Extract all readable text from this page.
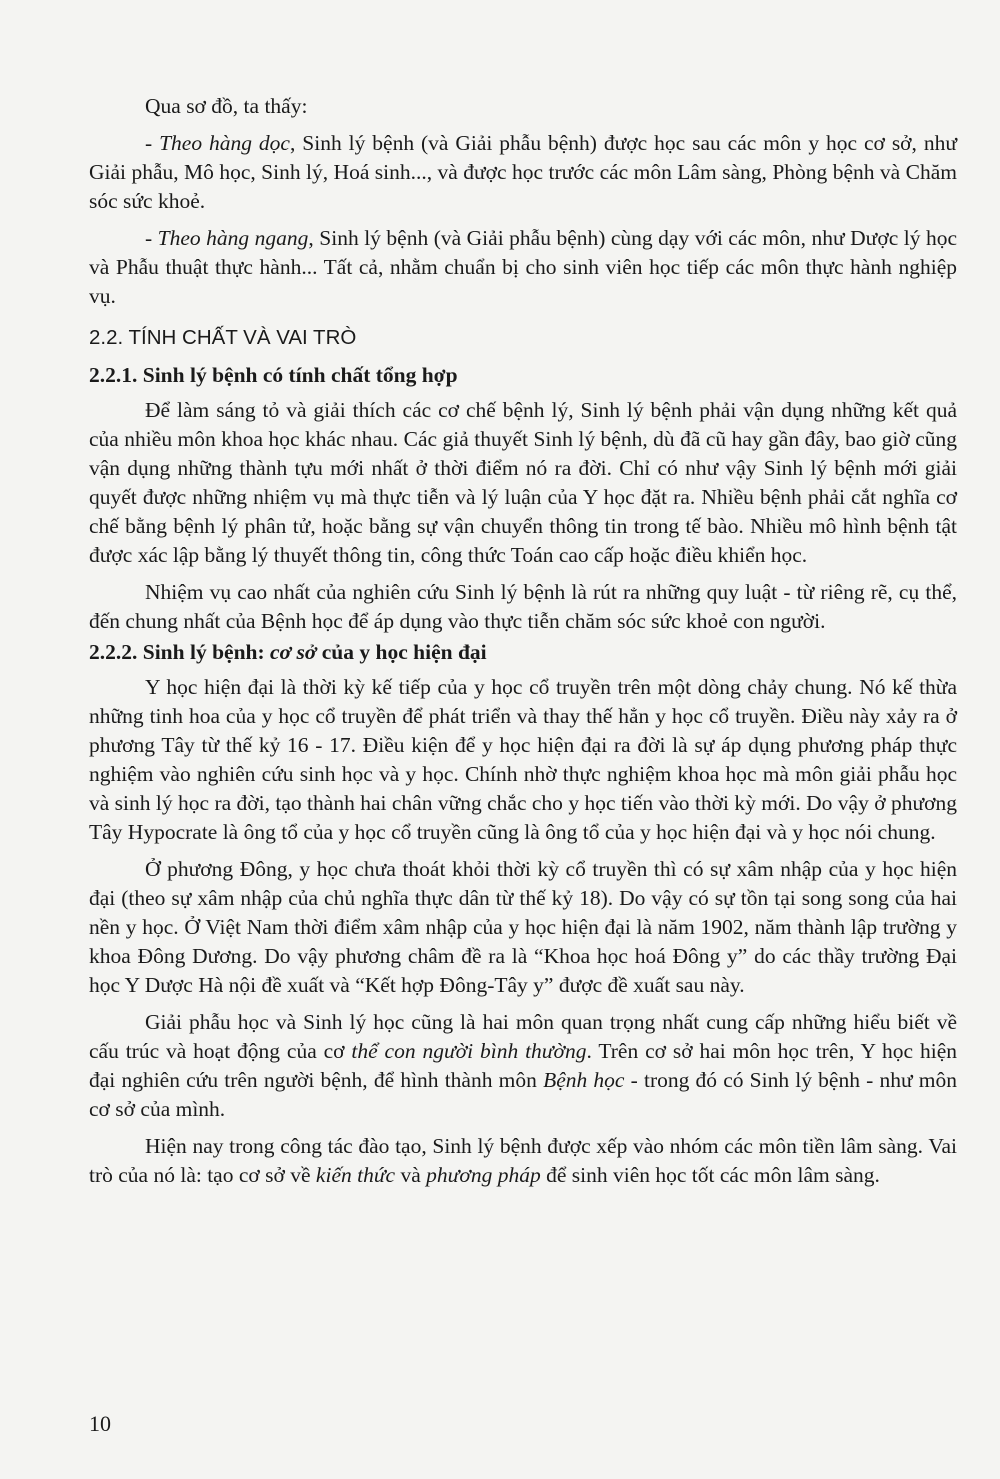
Qua sơ đồ, ta thấy:

- Theo hàng dọc, Sinh lý bệnh (và Giải phẫu bệnh) được học sau các môn y học cơ sở, như Giải phẫu, Mô học, Sinh lý, Hoá sinh..., và được học trước các môn Lâm sàng, Phòng bệnh và Chăm sóc sức khoẻ.

- Theo hàng ngang, Sinh lý bệnh (và Giải phẫu bệnh) cùng dạy với các môn, như Dược lý học và Phẫu thuật thực hành... Tất cả, nhằm chuẩn bị cho sinh viên học tiếp các môn thực hành nghiệp vụ.

2.2. TÍNH CHẤT VÀ VAI TRÒ

2.2.1. Sinh lý bệnh có tính chất tổng hợp

Để làm sáng tỏ và giải thích các cơ chế bệnh lý, Sinh lý bệnh phải vận dụng những kết quả của nhiều môn khoa học khác nhau. Các giả thuyết Sinh lý bệnh, dù đã cũ hay gần đây, bao giờ cũng vận dụng những thành tựu mới nhất ở thời điểm nó ra đời. Chỉ có như vậy Sinh lý bệnh mới giải quyết được những nhiệm vụ mà thực tiễn và lý luận của Y học đặt ra. Nhiều bệnh phải cắt nghĩa cơ chế bằng bệnh lý phân tử, hoặc bằng sự vận chuyển thông tin trong tế bào. Nhiều mô hình bệnh tật được xác lập bằng lý thuyết thông tin, công thức Toán cao cấp hoặc điều khiển học.

Nhiệm vụ cao nhất của nghiên cứu Sinh lý bệnh là rút ra những quy luật - từ riêng rẽ, cụ thể, đến chung nhất của Bệnh học để áp dụng vào thực tiễn chăm sóc sức khoẻ con người.

2.2.2. Sinh lý bệnh: cơ sở của y học hiện đại

Y học hiện đại là thời kỳ kế tiếp của y học cổ truyền trên một dòng chảy chung. Nó kế thừa những tinh hoa của y học cổ truyền để phát triển và thay thế hẳn y học cổ truyền. Điều này xảy ra ở phương Tây từ thế kỷ 16 - 17. Điều kiện để y học hiện đại ra đời là sự áp dụng phương pháp thực nghiệm vào nghiên cứu sinh học và y học. Chính nhờ thực nghiệm khoa học mà môn giải phẫu học và sinh lý học ra đời, tạo thành hai chân vững chắc cho y học tiến vào thời kỳ mới. Do vậy ở phương Tây Hypocrate là ông tổ của y học cổ truyền cũng là ông tổ của y học hiện đại và y học nói chung.

Ở phương Đông, y học chưa thoát khỏi thời kỳ cổ truyền thì có sự xâm nhập của y học hiện đại (theo sự xâm nhập của chủ nghĩa thực dân từ thế kỷ 18). Do vậy có sự tồn tại song song của hai nền y học. Ở Việt Nam thời điểm xâm nhập của y học hiện đại là năm 1902, năm thành lập trường y khoa Đông Dương. Do vậy phương châm đề ra là “Khoa học hoá Đông y” do các thầy trường Đại học Y Dược Hà nội đề xuất và “Kết hợp Đông-Tây y” được đề xuất sau này.

Giải phẫu học và Sinh lý học cũng là hai môn quan trọng nhất cung cấp những hiểu biết về cấu trúc và hoạt động của cơ thể con người bình thường. Trên cơ sở hai môn học trên, Y học hiện đại nghiên cứu trên người bệnh, để hình thành môn Bệnh học - trong đó có Sinh lý bệnh - như môn cơ sở của mình.

Hiện nay trong công tác đào tạo, Sinh lý bệnh được xếp vào nhóm các môn tiền lâm sàng. Vai trò của nó là: tạo cơ sở về kiến thức và phương pháp để sinh viên học tốt các môn lâm sàng.

10
